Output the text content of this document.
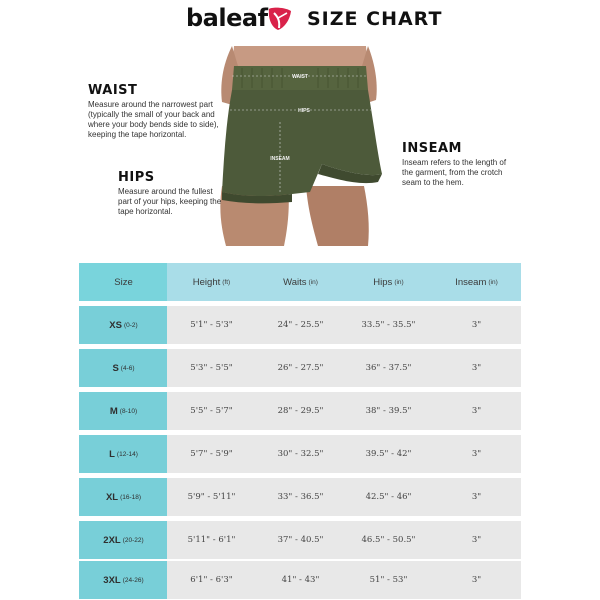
baleaf SIZE CHART
WAIST
HIPS
INSEAM
WAIST

Measure around the narrowest part (typically the small of your back and where your body bends side to side), keeping the tape horizontal.

HIPS

Measure around the fullest part of your hips, keeping the tape horizontal.

INSEAM

Inseam refers to the length of the garment, from the crotch seam to the hem.

Size	Height (ft)	Waits (in)	Hips (in)	Inseam (in)
XS (0-2)	5'1" - 5'3"	24" - 25.5"	33.5" - 35.5"	3"
S (4-6)	5'3" - 5'5"	26" - 27.5"	36" - 37.5"	3"
M (8-10)	5'5" - 5'7"	28" - 29.5"	38" - 39.5"	3"
L (12-14)	5'7" - 5'9"	30" - 32.5"	39.5" - 42"	3"
XL (16-18)	5'9" - 5'11"	33" - 36.5"	42.5" - 46"	3"
2XL (20-22)	5'11" - 6'1"	37" - 40.5"	46.5" - 50.5"	3"
3XL (24-26)	6'1" - 6'3"	41" - 43"	51" - 53"	3"
